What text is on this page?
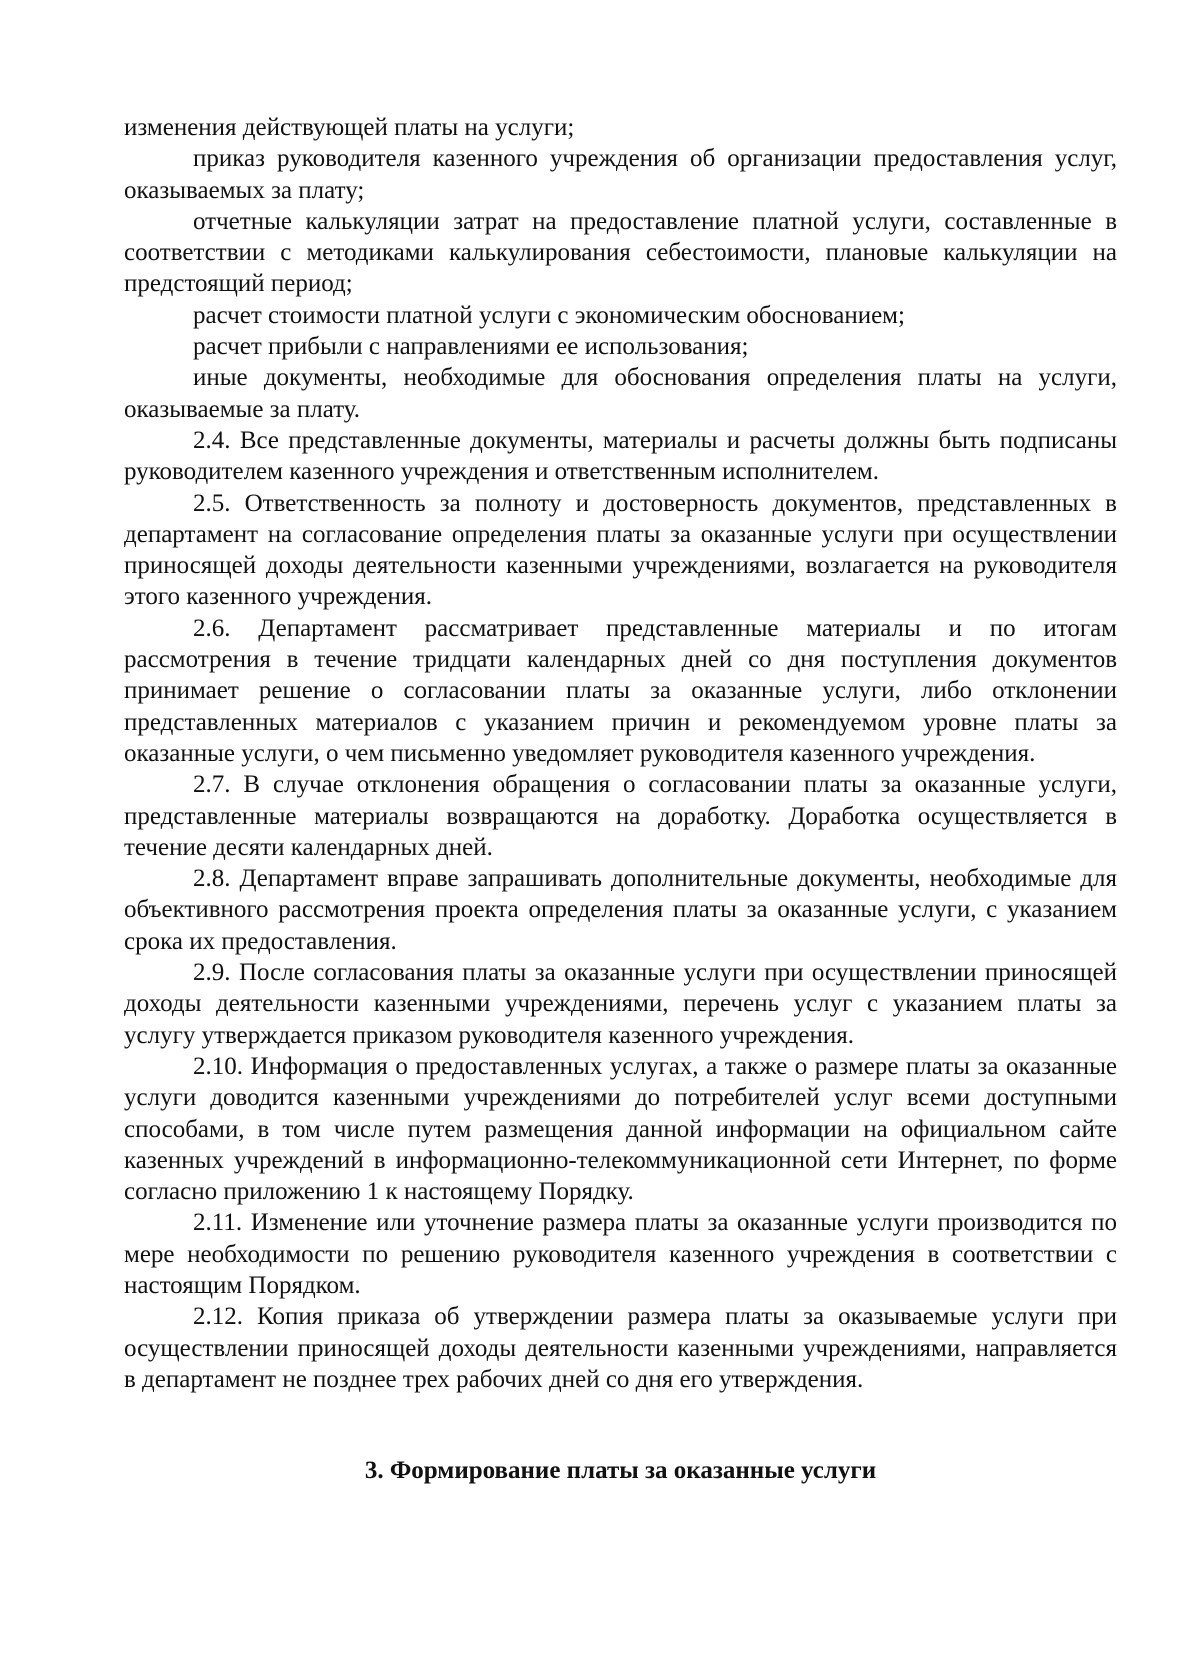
изменения действующей платы на услуги;

приказ руководителя казенного учреждения об организации предоставления услуг, оказываемых за плату;

отчетные калькуляции затрат на предоставление платной услуги, составленные в соответствии с методиками калькулирования себестоимости, плановые калькуляции на предстоящий период;

расчет стоимости платной услуги с экономическим обоснованием;

расчет прибыли с направлениями ее использования;

иные документы, необходимые для обоснования определения платы на услуги, оказываемые за плату.

2.4. Все представленные документы, материалы и расчеты должны быть подписаны руководителем казенного учреждения и ответственным исполнителем.

2.5. Ответственность за полноту и достоверность документов, представленных в департамент на согласование определения платы за оказанные услуги при осуществлении приносящей доходы деятельности казенными учреждениями, возлагается на руководителя этого казенного учреждения.

2.6. Департамент рассматривает представленные материалы и по итогам рассмотрения в течение тридцати календарных дней со дня поступления документов принимает решение о согласовании платы за оказанные услуги, либо отклонении представленных материалов с указанием причин и рекомендуемом уровне платы за оказанные услуги, о чем письменно уведомляет руководителя казенного учреждения.

2.7. В случае отклонения обращения о согласовании платы за оказанные услуги, представленные материалы возвращаются на доработку. Доработка осуществляется в течение десяти календарных дней.

2.8. Департамент вправе запрашивать дополнительные документы, необходимые для объективного рассмотрения проекта определения платы за оказанные услуги, с указанием срока их предоставления.

2.9. После согласования платы за оказанные услуги при осуществлении приносящей доходы деятельности казенными учреждениями, перечень услуг с указанием платы за услугу утверждается приказом руководителя казенного учреждения.

2.10. Информация о предоставленных услугах, а также о размере платы за оказанные услуги доводится казенными учреждениями до потребителей услуг всеми доступными способами, в том числе путем размещения данной информации на официальном сайте казенных учреждений в информационно-телекоммуникационной сети Интернет, по форме согласно приложению 1 к настоящему Порядку.

2.11. Изменение или уточнение размера платы за оказанные услуги производится по мере необходимости по решению руководителя казенного учреждения в соответствии с настоящим Порядком.

2.12. Копия приказа об утверждении размера платы за оказываемые услуги при осуществлении приносящей доходы деятельности казенными учреждениями, направляется в департамент не позднее трех рабочих дней со дня его утверждения.

3. Формирование платы за оказанные услуги
